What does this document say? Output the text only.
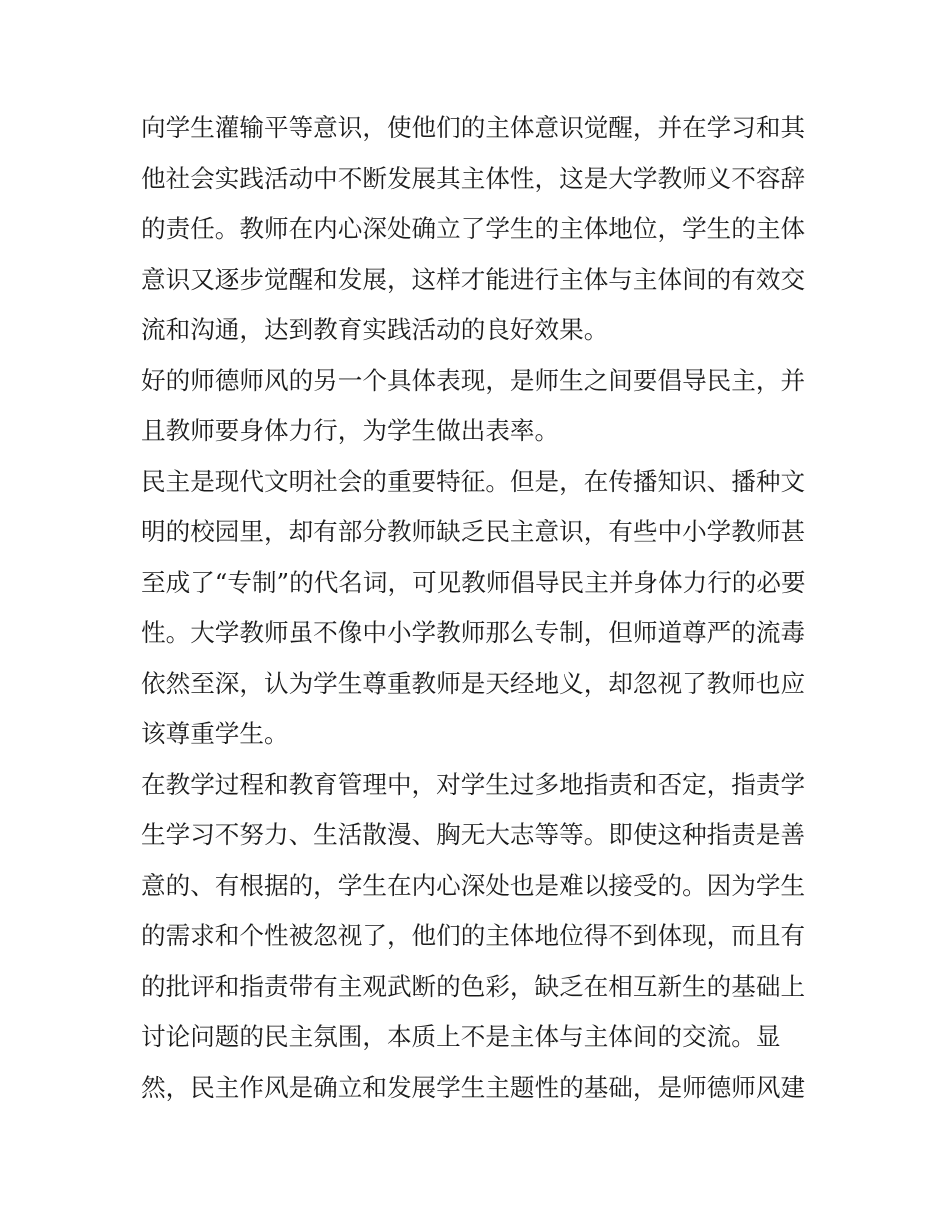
向学生灌输平等意识，使他们的主体意识觉醒，并在学习和其
他社会实践活动中不断发展其主体性，这是大学教师义不容辞
的责任。教师在内心深处确立了学生的主体地位，学生的主体
意识又逐步觉醒和发展，这样才能进行主体与主体间的有效交
流和沟通，达到教育实践活动的良好效果。
好的师德师风的另一个具体表现，是师生之间要倡导民主，并
且教师要身体力行，为学生做出表率。
民主是现代文明社会的重要特征。但是，在传播知识、播种文
明的校园里，却有部分教师缺乏民主意识，有些中小学教师甚
至成了“专制”的代名词，可见教师倡导民主并身体力行的必要
性。大学教师虽不像中小学教师那么专制，但师道尊严的流毒
依然至深，认为学生尊重教师是天经地义，却忽视了教师也应
该尊重学生。
在教学过程和教育管理中，对学生过多地指责和否定，指责学
生学习不努力、生活散漫、胸无大志等等。即使这种指责是善
意的、有根据的，学生在内心深处也是难以接受的。因为学生
的需求和个性被忽视了，他们的主体地位得不到体现，而且有
的批评和指责带有主观武断的色彩，缺乏在相互新生的基础上
讨论问题的民主氛围，本质上不是主体与主体间的交流。显
然，民主作风是确立和发展学生主题性的基础，是师德师风建
